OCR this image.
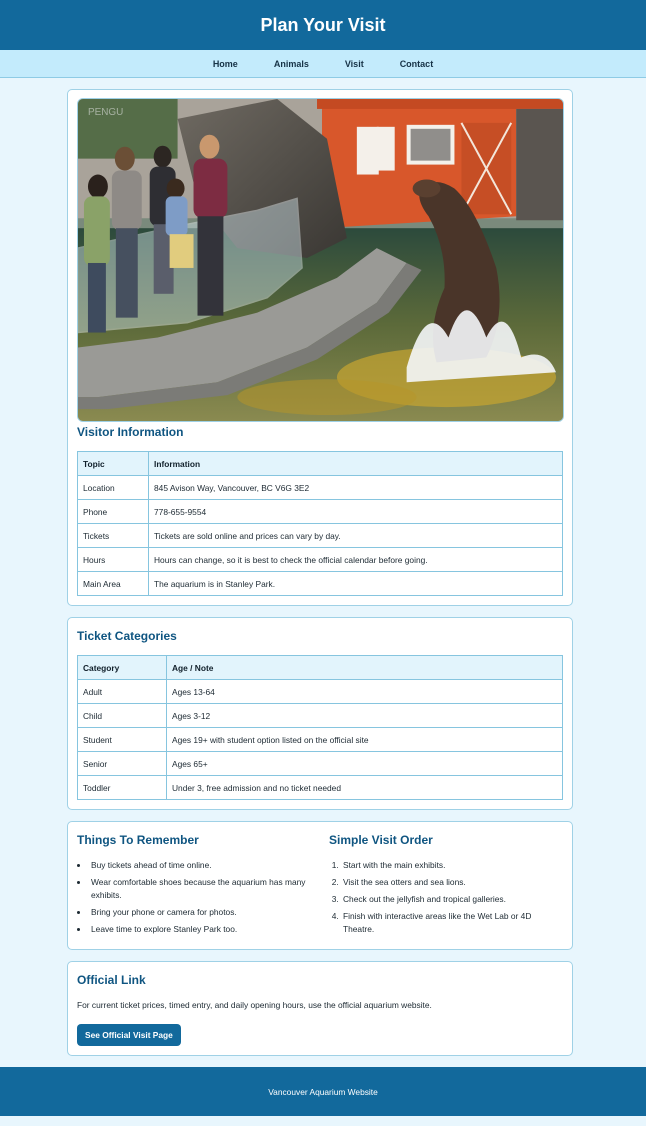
Plan Your Visit
Home	Animals	Visit	Contact
PENGU
Visitor Information
Topic	Information
Location	845 Avison Way, Vancouver, BC V6G 3E2
Phone	778-655-9554
Tickets	Tickets are sold online and prices can vary by day.
Hours	Hours can change, so it is best to check the official calendar before going.
Main Area	The aquarium is in Stanley Park.
Ticket Categories
Category	Age / Note
Adult	Ages 13-64
Child	Ages 3-12
Student	Ages 19+ with student option listed on the official site
Senior	Ages 65+
Toddler	Under 3, free admission and no ticket needed
Things To Remember
• Buy tickets ahead of time online.
• Wear comfortable shoes because the aquarium has many exhibits.
• Bring your phone or camera for photos.
• Leave time to explore Stanley Park too.
Simple Visit Order
1. Start with the main exhibits.
2. Visit the sea otters and sea lions.
3. Check out the jellyfish and tropical galleries.
4. Finish with interactive areas like the Wet Lab or 4D Theatre.
Official Link

For current ticket prices, timed entry, and daily opening hours, use the official aquarium website.

See Official Visit Page
Vancouver Aquarium Website
